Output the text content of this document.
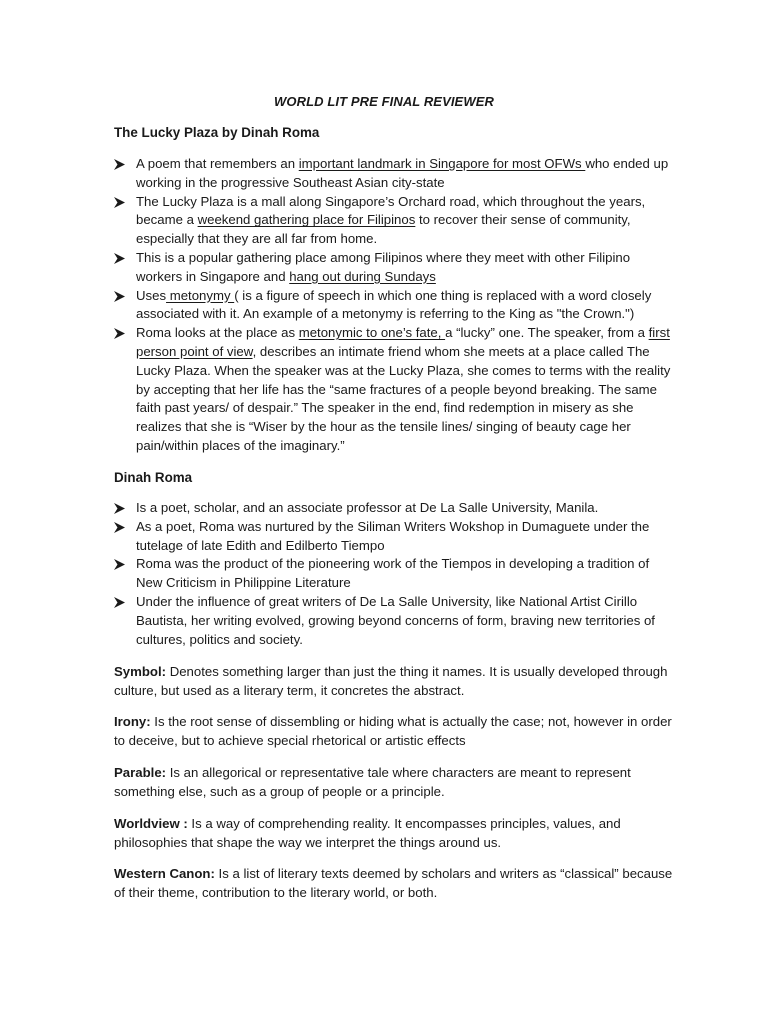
WORLD LIT PRE FINAL REVIEWER
The Lucky Plaza by Dinah Roma
A poem that remembers an important landmark in Singapore for most OFWs who ended up working in the progressive Southeast Asian city-state
The Lucky Plaza is a mall along Singapore’s Orchard road, which throughout the years, became a weekend gathering place for Filipinos to recover their sense of community, especially that they are all far from home.
This is a popular gathering place among Filipinos where they meet with other Filipino workers in Singapore and hang out during Sundays
Uses metonymy ( is a figure of speech in which one thing is replaced with a word closely associated with it. An example of a metonymy is referring to the King as "the Crown.")
Roma looks at the place as metonymic to one’s fate, a “lucky” one. The speaker, from a first person point of view, describes an intimate friend whom she meets at a place called The Lucky Plaza. When the speaker was at the Lucky Plaza, she comes to terms with the reality by accepting that her life has the “same fractures of a people beyond breaking. The same faith past years/ of despair.” The speaker in the end, find redemption in misery as she realizes that she is “Wiser by the hour as the tensile lines/ singing of beauty cage her pain/within places of the imaginary.”
Dinah Roma
Is a poet, scholar, and an associate professor at De La Salle University, Manila.
As a poet, Roma was nurtured by the Siliman Writers Wokshop in Dumaguete under the tutelage of late Edith and Edilberto Tiempo
Roma was the product of the pioneering work of the Tiempos in developing a tradition of New Criticism in Philippine Literature
Under the influence of great writers of De La Salle University, like National Artist Cirillo Bautista, her writing evolved, growing beyond concerns of form, braving new territories of cultures, politics and society.

Symbol: Denotes something larger than just the thing it names. It is usually developed through culture, but used as a literary term, it concretes the abstract.

Irony: Is the root sense of dissembling or hiding what is actually the case; not, however in order to deceive, but to achieve special rhetorical or artistic effects

Parable: Is an allegorical or representative tale where characters are meant to represent something else, such as a group of people or a principle.

Worldview : Is a way of comprehending reality. It encompasses principles, values, and philosophies that shape the way we interpret the things around us.

Western Canon: Is a list of literary texts deemed by scholars and writers as “classical” because of their theme, contribution to the literary world, or both.
